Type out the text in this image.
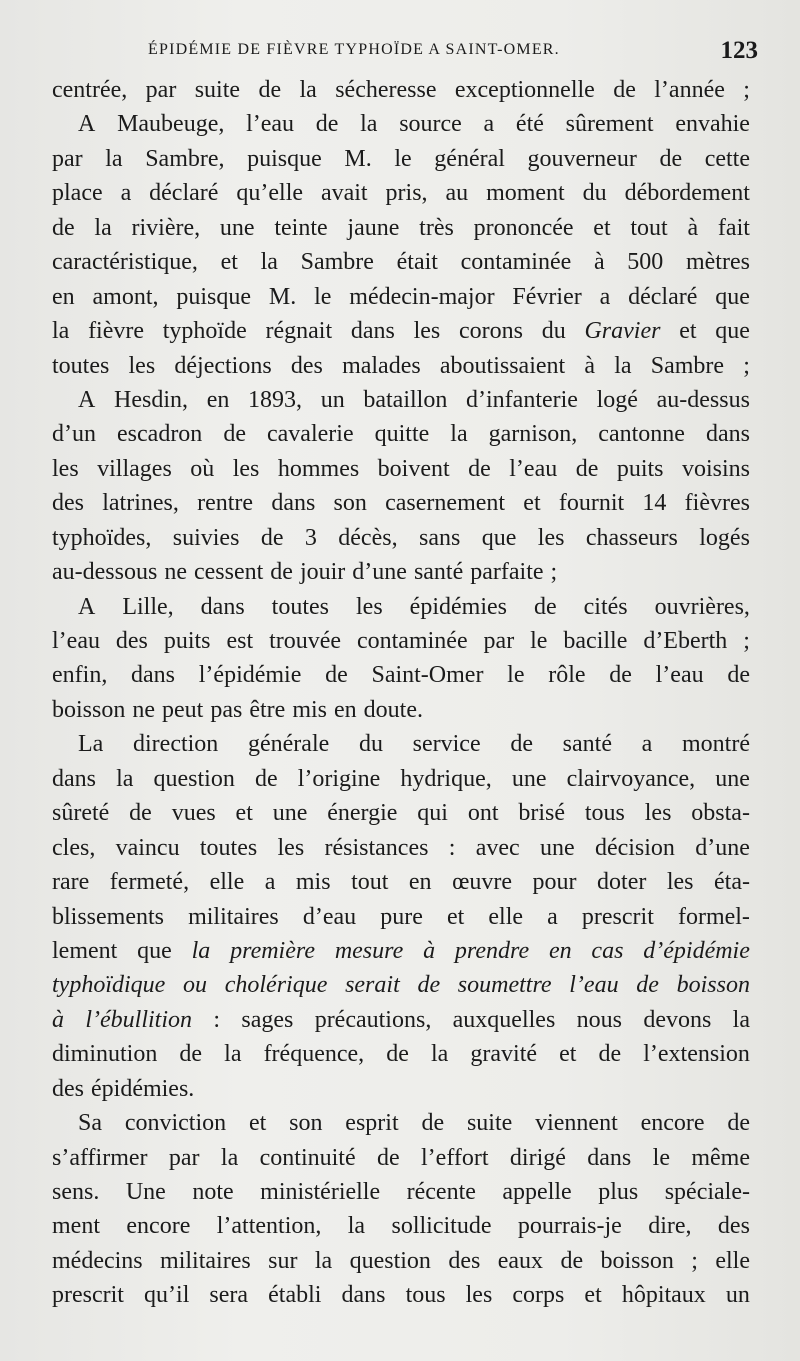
ÉPIDÉMIE DE FIÈVRE TYPHOÏDE A SAINT-OMER.	123
centrée, par suite de la sécheresse exceptionnelle de l’année ;
A Maubeuge, l’eau de la source a été sûrement envahie
par la Sambre, puisque M. le général gouverneur de cette
place a déclaré qu’elle avait pris, au moment du débordement
de la rivière, une teinte jaune très prononcée et tout à fait
caractéristique, et la Sambre était contaminée à 500 mètres
en amont, puisque M. le médecin-major Février a déclaré que
la fièvre typhoïde régnait dans les corons du Gravier et que
toutes les déjections des malades aboutissaient à la Sambre ;
A Hesdin, en 1893, un bataillon d’infanterie logé au-dessus
d’un escadron de cavalerie quitte la garnison, cantonne dans
les villages où les hommes boivent de l’eau de puits voisins
des latrines, rentre dans son casernement et fournit 14 fièvres
typhoïdes, suivies de 3 décès, sans que les chasseurs logés
au-dessous ne cessent de jouir d’une santé parfaite ;
A Lille, dans toutes les épidémies de cités ouvrières,
l’eau des puits est trouvée contaminée par le bacille d’Eberth ;
enfin, dans l’épidémie de Saint-Omer le rôle de l’eau de
boisson ne peut pas être mis en doute.
La direction générale du service de santé a montré
dans la question de l’origine hydrique, une clairvoyance, une
sûreté de vues et une énergie qui ont brisé tous les obsta-
cles, vaincu toutes les résistances : avec une décision d’une
rare fermeté, elle a mis tout en œuvre pour doter les éta-
blissements militaires d’eau pure et elle a prescrit formel-
lement que la première mesure à prendre en cas d’épidémie
typhoïdique ou cholérique serait de soumettre l’eau de boisson
à l’ébullition : sages précautions, auxquelles nous devons la
diminution de la fréquence, de la gravité et de l’extension
des épidémies.
Sa conviction et son esprit de suite viennent encore de
s’affirmer par la continuité de l’effort dirigé dans le même
sens. Une note ministérielle récente appelle plus spéciale-
ment encore l’attention, la sollicitude pourrais-je dire, des
médecins militaires sur la question des eaux de boisson ; elle
prescrit qu’il sera établi dans tous les corps et hôpitaux un
